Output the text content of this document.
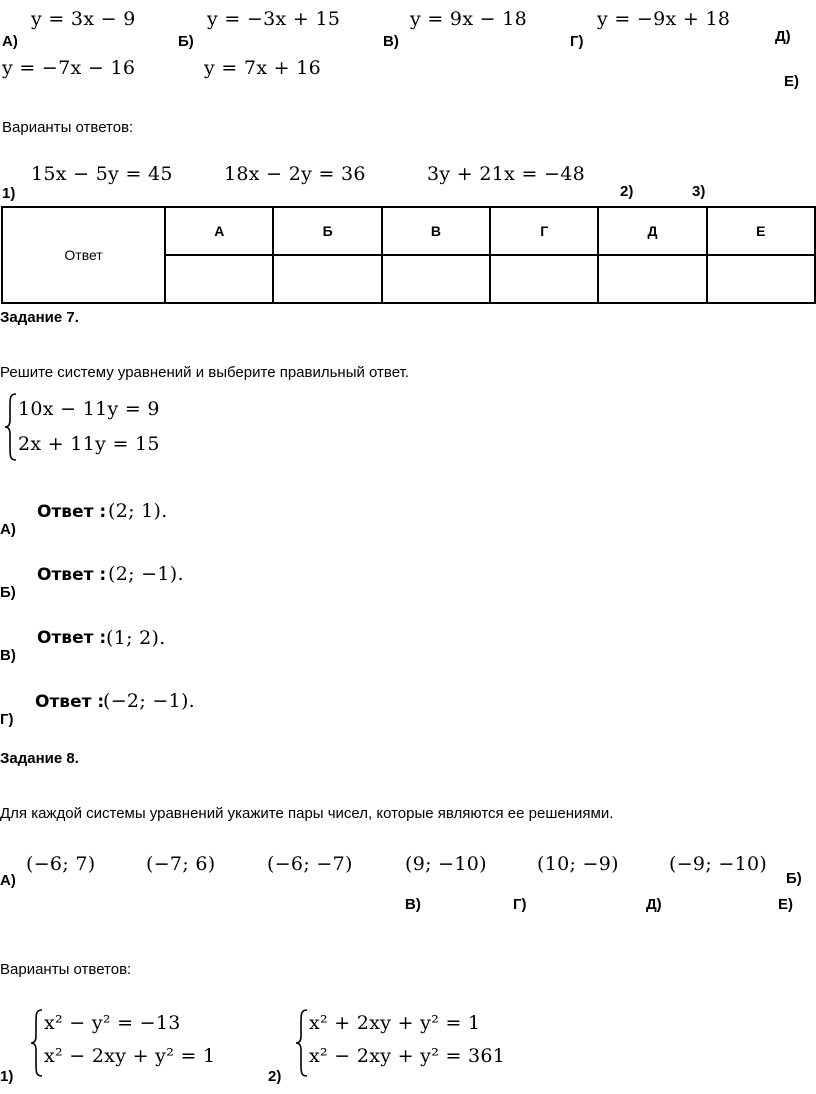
y = 3x − 9
А)
y = −3x + 15
Б)
y = 9x − 18
В)
y = −9x + 18
Г)	Д)
y = −7x − 16	y = 7x + 16
Е)
Варианты ответов:
15x − 5y = 45
1)
18x − 2y = 36
2)
3y + 21x = −48
3)
Ответ	А	Б	В	Г	Д	Е

Задание 7.
Решите систему уравнений и выберите правильный ответ.
10x − 11y = 9
2x + 11y = 15
Ответ : (2; 1).
А)
Ответ : (2; −1).
Б)
Ответ : (1; 2).
В)
Ответ :
(−2; −1).
Г)
Задание 8.
Для каждой системы уравнений укажите пары чисел, которые являются ее решениями.
(−6; 7)
А)
(−7; 6)
Б)
(−6; −7)
В)
(9; −10)
Г)
(10; −9)
Д)
(−9; −10)
Е)
Варианты ответов:
x² − y² = −13
x² − 2xy + y² = 1
1)
x² + 2xy + y² = 1
x² − 2xy + y² = 361
2)
